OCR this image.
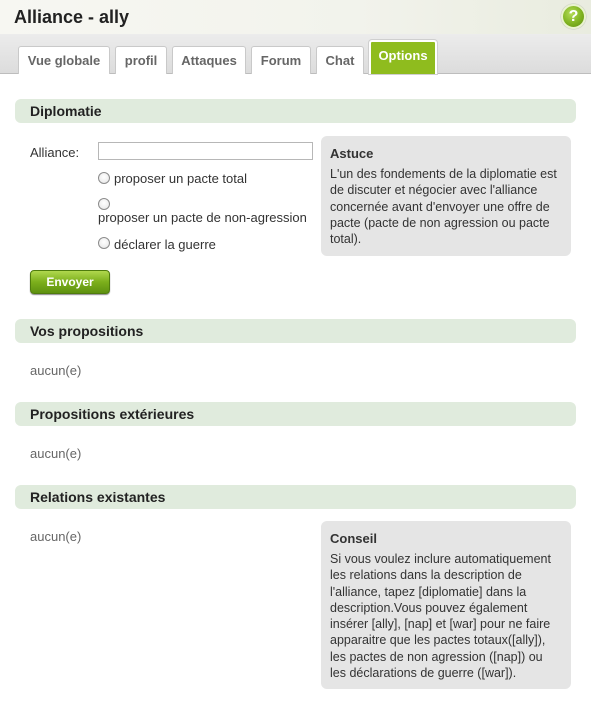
Alliance - ally	?
Vue globale	profil	Attaques	Forum	Chat	Options
Diplomatie
Alliance:
proposer un pacte total
proposer un pacte de non-agression
déclarer la guerre
Envoyer
Astuce
L'un des fondements de la diplomatie est de discuter et négocier avec l'alliance concernée avant d'envoyer une offre de pacte (pacte de non agression ou pacte total).
Vos propositions
aucun(e)
Propositions extérieures
aucun(e)
Relations existantes
aucun(e)	Conseil
Si vous voulez inclure automatiquement les relations dans la description de l'alliance, tapez [diplomatie] dans la description.Vous pouvez également insérer [ally], [nap] et [war] pour ne faire apparaitre que les pactes totaux([ally]), les pactes de non agression ([nap]) ou les déclarations de guerre ([war]).
